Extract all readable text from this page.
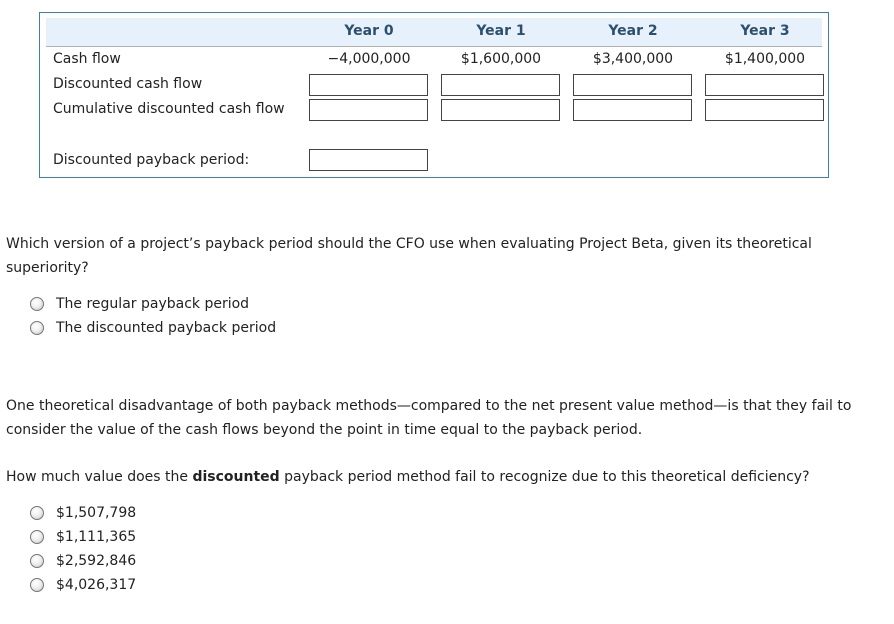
Year 0	Year 1	Year 2	Year 3
Cash flow	−4,000,000	$1,600,000	$3,400,000	$1,400,000
Discounted cash flow
Cumulative discounted cash flow
Discounted payback period:

Which version of a project’s payback period should the CFO use when evaluating Project Beta, given its theoretical superiority?

The regular payback period
The discounted payback period

One theoretical disadvantage of both payback methods—compared to the net present value method—is that they fail to consider the value of the cash flows beyond the point in time equal to the payback period.

How much value does the discounted payback period method fail to recognize due to this theoretical deficiency?

$1,507,798
$1,111,365
$2,592,846
$4,026,317
